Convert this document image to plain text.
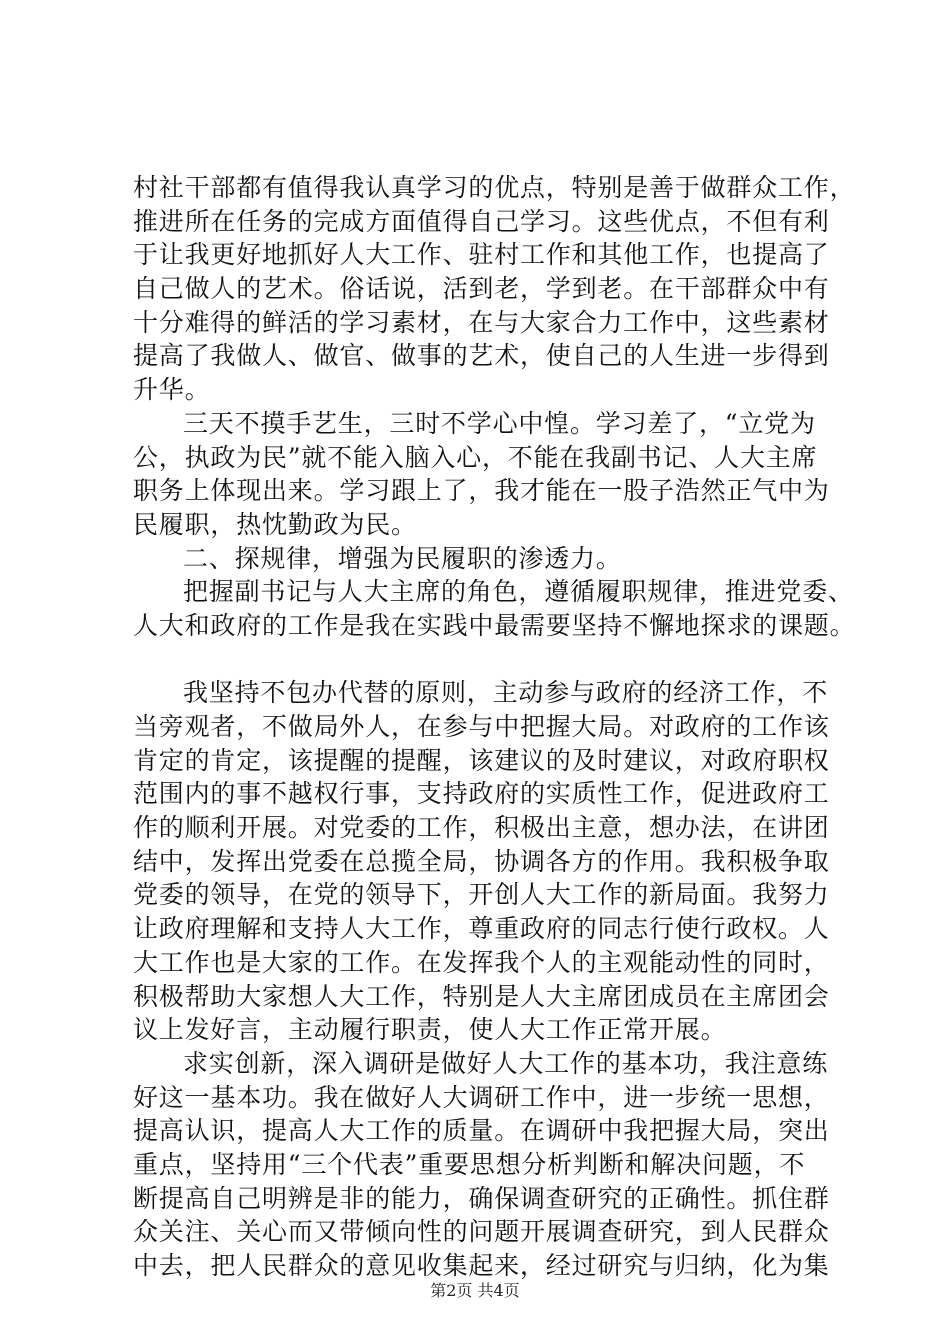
村社干部都有值得我认真学习的优点，特别是善于做群众工作，
推进所在任务的完成方面值得自己学习。这些优点，不但有利
于让我更好地抓好人大工作、驻村工作和其他工作，也提高了
自己做人的艺术。俗话说，活到老，学到老。在干部群众中有
十分难得的鲜活的学习素材，在与大家合力工作中，这些素材
提高了我做人、做官、做事的艺术，使自己的人生进一步得到
升华。
三天不摸手艺生，三时不学心中惶。学习差了，“立党为
公，执政为民”就不能入脑入心，不能在我副书记、人大主席
职务上体现出来。学习跟上了，我才能在一股子浩然正气中为
民履职，热忱勤政为民。
二、探规律，增强为民履职的渗透力。
把握副书记与人大主席的角色，遵循履职规律，推进党委、
人大和政府的工作是我在实践中最需要坚持不懈地探求的课题。
我坚持不包办代替的原则，主动参与政府的经济工作，不
当旁观者，不做局外人，在参与中把握大局。对政府的工作该
肯定的肯定，该提醒的提醒，该建议的及时建议，对政府职权
范围内的事不越权行事，支持政府的实质性工作，促进政府工
作的顺利开展。对党委的工作，积极出主意，想办法，在讲团
结中，发挥出党委在总揽全局，协调各方的作用。我积极争取
党委的领导，在党的领导下，开创人大工作的新局面。我努力
让政府理解和支持人大工作，尊重政府的同志行使行政权。人
大工作也是大家的工作。在发挥我个人的主观能动性的同时，
积极帮助大家想人大工作，特别是人大主席团成员在主席团会
议上发好言，主动履行职责，使人大工作正常开展。
求实创新，深入调研是做好人大工作的基本功，我注意练
好这一基本功。我在做好人大调研工作中，进一步统一思想，
提高认识，提高人大工作的质量。在调研中我把握大局，突出
重点，坚持用“三个代表”重要思想分析判断和解决问题，不
断提高自己明辨是非的能力，确保调查研究的正确性。抓住群
众关注、关心而又带倾向性的问题开展调查研究，到人民群众
中去，把人民群众的意见收集起来，经过研究与归纳，化为集
第2页 共4页
